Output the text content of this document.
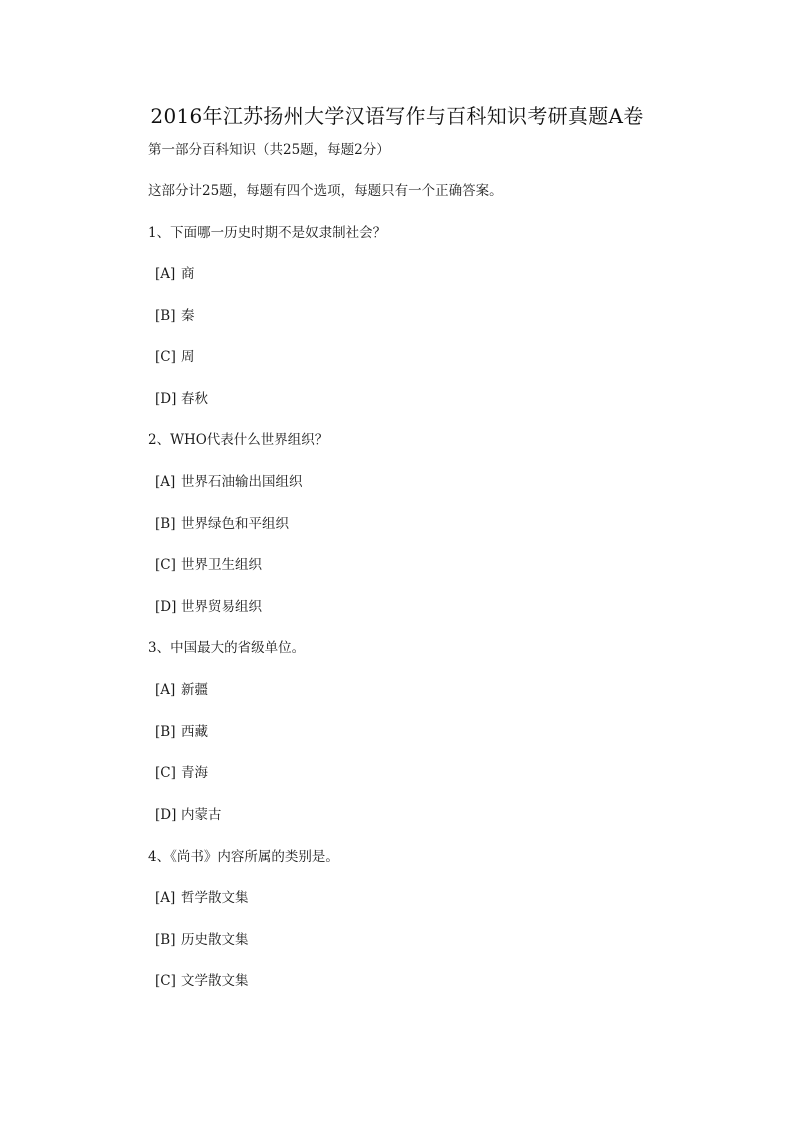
2016年江苏扬州大学汉语写作与百科知识考研真题A卷
第一部分百科知识（共25题，每题2分）
这部分计25题，每题有四个选项，每题只有一个正确答案。
1、下面哪一历史时期不是奴隶制社会？
[A] 商
[B] 秦
[C] 周
[D] 春秋
2、WHO代表什么世界组织？
[A] 世界石油输出国组织
[B] 世界绿色和平组织
[C] 世界卫生组织
[D] 世界贸易组织
3、中国最大的省级单位。
[A] 新疆
[B] 西藏
[C] 青海
[D] 内蒙古
4、《尚书》内容所属的类别是。
[A] 哲学散文集
[B] 历史散文集
[C] 文学散文集
